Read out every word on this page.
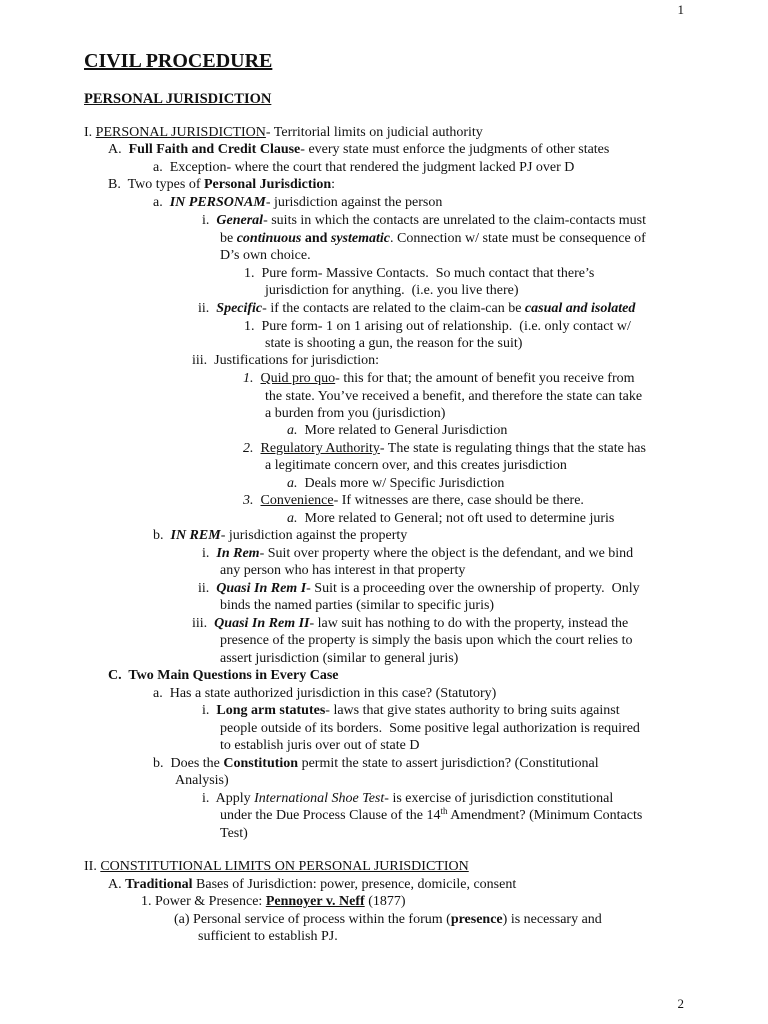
1
CIVIL PROCEDURE
PERSONAL JURISDICTION
I. PERSONAL JURISDICTION- Territorial limits on judicial authority
A. Full Faith and Credit Clause- every state must enforce the judgments of other states
a. Exception- where the court that rendered the judgment lacked PJ over D
B. Two types of Personal Jurisdiction:
a. IN PERSONAM- jurisdiction against the person
i. General- suits in which the contacts are unrelated to the claim-contacts must
be continuous and systematic. Connection w/ state must be consequence of
D’s own choice.
1. Pure form- Massive Contacts.  So much contact that there’s
jurisdiction for anything.  (i.e. you live there)
ii. Specific- if the contacts are related to the claim-can be casual and isolated
1. Pure form- 1 on 1 arising out of relationship.  (i.e. only contact w/
state is shooting a gun, the reason for the suit)
iii. Justifications for jurisdiction:
1. Quid pro quo- this for that; the amount of benefit you receive from
the state. You’ve received a benefit, and therefore the state can take
a burden from you (jurisdiction)
a. More related to General Jurisdiction
2. Regulatory Authority- The state is regulating things that the state has
a legitimate concern over, and this creates jurisdiction
a. Deals more w/ Specific Jurisdiction
3. Convenience- If witnesses are there, case should be there.
a. More related to General; not oft used to determine juris
b. IN REM- jurisdiction against the property
i. In Rem- Suit over property where the object is the defendant, and we bind
any person who has interest in that property
ii. Quasi In Rem I- Suit is a proceeding over the ownership of property.  Only
binds the named parties (similar to specific juris)
iii. Quasi In Rem II- law suit has nothing to do with the property, instead the
presence of the property is simply the basis upon which the court relies to
assert jurisdiction (similar to general juris)
C. Two Main Questions in Every Case
a. Has a state authorized jurisdiction in this case? (Statutory)
i. Long arm statutes- laws that give states authority to bring suits against
people outside of its borders.  Some positive legal authorization is required
to establish juris over out of state D
b. Does the Constitution permit the state to assert jurisdiction? (Constitutional
Analysis)
i. Apply International Shoe Test- is exercise of jurisdiction constitutional
under the Due Process Clause of the 14th Amendment? (Minimum Contacts
Test)
II. CONSTITUTIONAL LIMITS ON PERSONAL JURISDICTION
A. Traditional Bases of Jurisdiction: power, presence, domicile, consent
1. Power & Presence: Pennoyer v. Neff (1877)
(a) Personal service of process within the forum (presence) is necessary and
sufficient to establish PJ.
2
